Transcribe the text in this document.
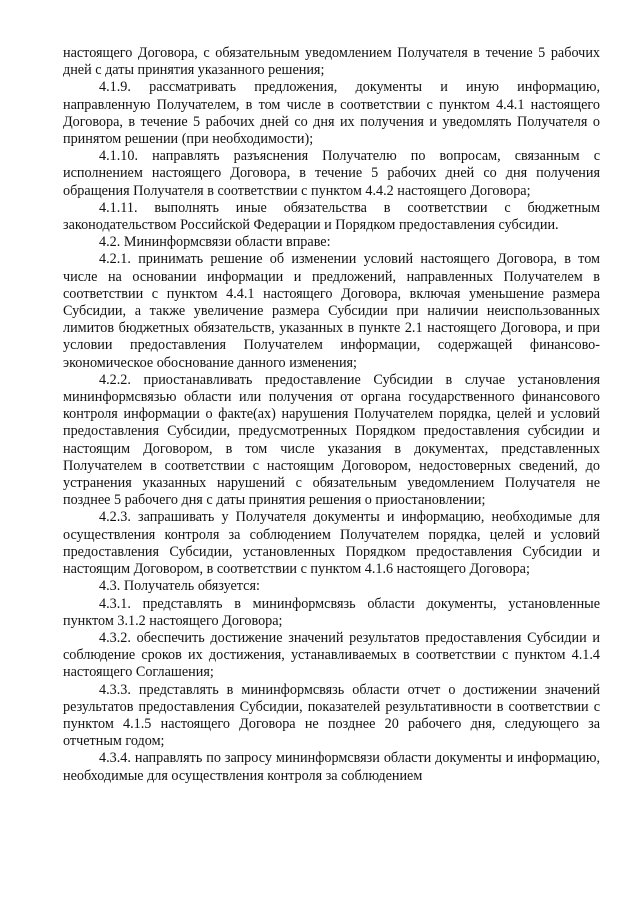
настоящего Договора, с обязательным уведомлением Получателя в течение 5 рабочих дней с даты принятия указанного решения;

4.1.9. рассматривать предложения, документы и иную информацию, направленную Получателем, в том числе в соответствии с пунктом 4.4.1 настоящего Договора, в течение 5 рабочих дней со дня их получения и уведомлять Получателя о принятом решении (при необходимости);

4.1.10. направлять разъяснения Получателю по вопросам, связанным с исполнением настоящего Договора, в течение 5 рабочих дней со дня получения обращения Получателя в соответствии с пунктом 4.4.2 настоящего Договора;

4.1.11. выполнять иные обязательства в соответствии с бюджетным законодательством Российской Федерации и Порядком предоставления субсидии.

4.2. Мининформсвязи области вправе:

4.2.1. принимать решение об изменении условий настоящего Договора, в том числе на основании информации и предложений, направленных Получателем в соответствии с пунктом 4.4.1 настоящего Договора, включая уменьшение размера Субсидии, а также увеличение размера Субсидии при наличии неиспользованных лимитов бюджетных обязательств, указанных в пункте 2.1 настоящего Договора, и при условии предоставления Получателем информации, содержащей финансово-экономическое обоснование данного изменения;

4.2.2. приостанавливать предоставление Субсидии в случае установления мининформсвязью области или получения от органа государственного финансового контроля информации о факте(ах) нарушения Получателем порядка, целей и условий предоставления Субсидии, предусмотренных Порядком предоставления субсидии и настоящим Договором, в том числе указания в документах, представленных Получателем в соответствии с настоящим Договором, недостоверных сведений, до устранения указанных нарушений с обязательным уведомлением Получателя не позднее 5 рабочего дня с даты принятия решения о приостановлении;

4.2.3. запрашивать у Получателя документы и информацию, необходимые для осуществления контроля за соблюдением Получателем порядка, целей и условий предоставления Субсидии, установленных Порядком предоставления Субсидии и настоящим Договором, в соответствии с пунктом 4.1.6 настоящего Договора;

4.3. Получатель обязуется:

4.3.1. представлять в мининформсвязь области документы, установленные пунктом 3.1.2 настоящего Договора;

4.3.2. обеспечить достижение значений результатов предоставления Субсидии и соблюдение сроков их достижения, устанавливаемых в соответствии с пунктом 4.1.4 настоящего Соглашения;

4.3.3. представлять в мининформсвязь области отчет о достижении значений результатов предоставления Субсидии, показателей результативности в соответствии с пунктом 4.1.5 настоящего Договора не позднее 20 рабочего дня, следующего за отчетным годом;

4.3.4. направлять по запросу мининформсвязи области документы и информацию, необходимые для осуществления контроля за соблюдением
